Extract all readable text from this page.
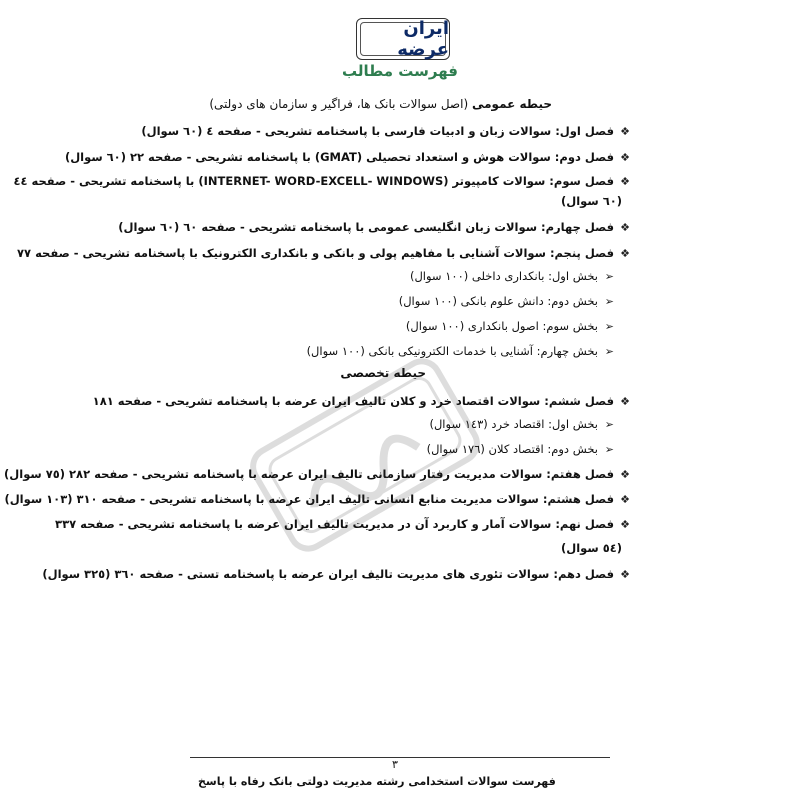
ایران عرضه
فهرست مطالب
حیطه عمومی (اصل سوالات بانک ها، فراگیر و سازمان های دولتی)
❖فصل اول: سوالات زبان و ادبیات فارسی با پاسخنامه تشریحی - صفحه ٤ (٦٠ سوال)
❖فصل دوم: سوالات هوش و استعداد تحصیلی (GMAT) با پاسخنامه تشریحی - صفحه ٢٢ (٦٠ سوال)
❖فصل سوم: سوالات کامپیوتر (INTERNET- WORD-EXCELL- WINDOWS) با پاسخنامه تشریحی - صفحه ٤٤
(٦٠ سوال)
❖فصل چهارم: سوالات زبان انگلیسی عمومی با پاسخنامه تشریحی - صفحه ٦٠ (٦٠ سوال)
❖فصل پنجم: سوالات آشنایی با مفاهیم پولی و بانکی و بانکداری الکترونیک با پاسخنامه تشریحی - صفحه ٧٧
➢بخش اول: بانکداری داخلی (١٠٠ سوال)
➢بخش دوم: دانش علوم بانکی (١٠٠ سوال)
➢بخش سوم: اصول بانکداری (١٠٠ سوال)
➢بخش چهارم: آشنایی با خدمات الکترونیکی بانکی (١٠٠ سوال)
حیطه تخصصی
❖فصل ششم: سوالات اقتصاد خرد و کلان تالیف ایران عرضه با پاسخنامه تشریحی - صفحه ١٨١
➢بخش اول: اقتصاد خرد (١٤٣ سوال)
➢بخش دوم: اقتصاد کلان (١٧٦ سوال)
❖فصل هفتم: سوالات مدیریت رفتار سازمانی تالیف ایران عرضه با پاسخنامه تشریحی - صفحه ٢٨٢ (٧٥ سوال)
❖فصل هشتم: سوالات مدیریت منابع انسانی تالیف ایران عرضه با پاسخنامه تشریحی - صفحه ٣١٠ (١٠٣ سوال)
❖فصل نهم: سوالات آمار و کاربرد آن در مدیریت تالیف ایران عرضه با پاسخنامه تشریحی - صفحه ٣٣٧
(٥٤ سوال)
❖فصل دهم: سوالات تئوری های مدیریت تالیف ایران عرضه با پاسخنامه تستی - صفحه ٣٦٠ (٣٢٥ سوال)
٣
سوالات استخدامی رشته مدیریت دولتی بانک رفاه با پاسخ فهرست
